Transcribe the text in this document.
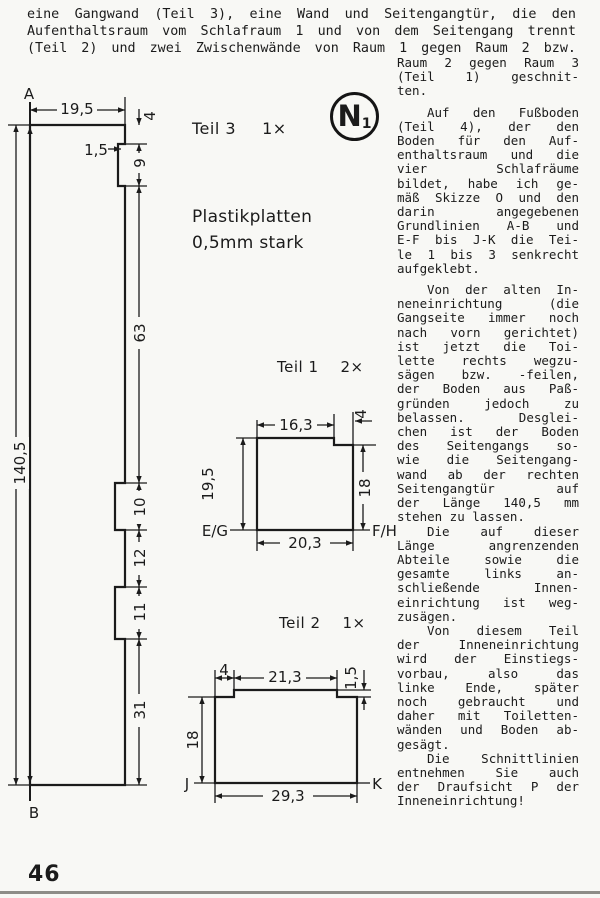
eine Gangwand (Teil 3), eine Wand und Seitengangtür, die den
Aufenthaltsraum vom Schlafraum 1 und von dem Seitengang trennt
(Teil 2) und zwei Zwischenwände von Raum 1 gegen Raum 2 bzw.
Raum 2 gegen Raum 3
(Teil 1) geschnit-
ten.
Auf den Fußboden
(Teil 4), der den
Boden für den Auf-
enthaltsraum und die
vier Schlafräume
bildet, habe ich ge-
mäß Skizze O und den
darin angegebenen
Grundlinien A-B und
E-F bis J-K die Tei-
le 1 bis 3 senkrecht
aufgeklebt.
Von der alten In-
neneinrichtung (die
Gangseite immer noch
nach vorn gerichtet)
ist jetzt die Toi-
lette rechts wegzu-
sägen bzw. -feilen,
der Boden aus Paß-
gründen jedoch zu
belassen. Desglei-
chen ist der Boden
des Seitengangs so-
wie die Seitengang-
wand ab der rechten
Seitengangtür auf
der Länge 140,5 mm
stehen zu lassen.
Die auf dieser
Länge angrenzenden
Abteile sowie die
gesamte links an-
schließende Innen-
einrichtung ist weg-
zusägen.
Von diesem Teil
der Inneneinrichtung
wird der Einstiegs-
vorbau, also das
linke Ende, später
noch gebraucht und
daher mit Toiletten-
wänden und Boden ab-
gesägt.
Die Schnittlinien
entnehmen Sie auch
der Draufsicht P der
Inneneinrichtung!
N 1
Teil 3 1×
Plastikplatten
0,5mm stark
Teil 1 2×
Teil 2 1×
A
B
19,5	4
1,5
9
63
10
12
11
31
140,5
16,3
4
19,5	18
20,3
E/G	F/H
4	21,3	1,5
18
29,3
J	K
46
